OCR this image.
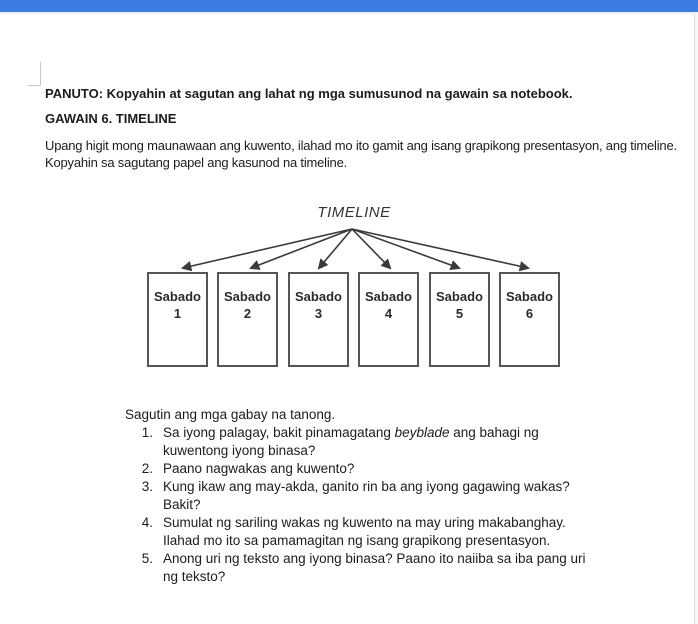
PANUTO: Kopyahin at sagutan ang lahat ng mga sumusunod na gawain sa notebook.
GAWAIN 6. TIMELINE
Upang higit mong maunawaan ang kuwento, ilahad mo ito gamit ang isang grapikong presentasyon, ang timeline.
Kopyahin sa sagutang papel ang kasunod na timeline.
TIMELINE
Sabado
1
Sabado
2
Sabado
3
Sabado
4
Sabado
5
Sabado
6
Sagutin ang mga gabay na tanong.
1. Sa iyong palagay, bakit pinamagatang beyblade ang bahagi ng
kuwentong iyong binasa?
2. Paano nagwakas ang kuwento?
3. Kung ikaw ang may-akda, ganito rin ba ang iyong gagawing wakas?
Bakit?
4. Sumulat ng sariling wakas ng kuwento na may uring makabanghay.
Ilahad mo ito sa pamamagitan ng isang grapikong presentasyon.
5. Anong uri ng teksto ang iyong binasa? Paano ito naiiba sa iba pang uri
ng teksto?
